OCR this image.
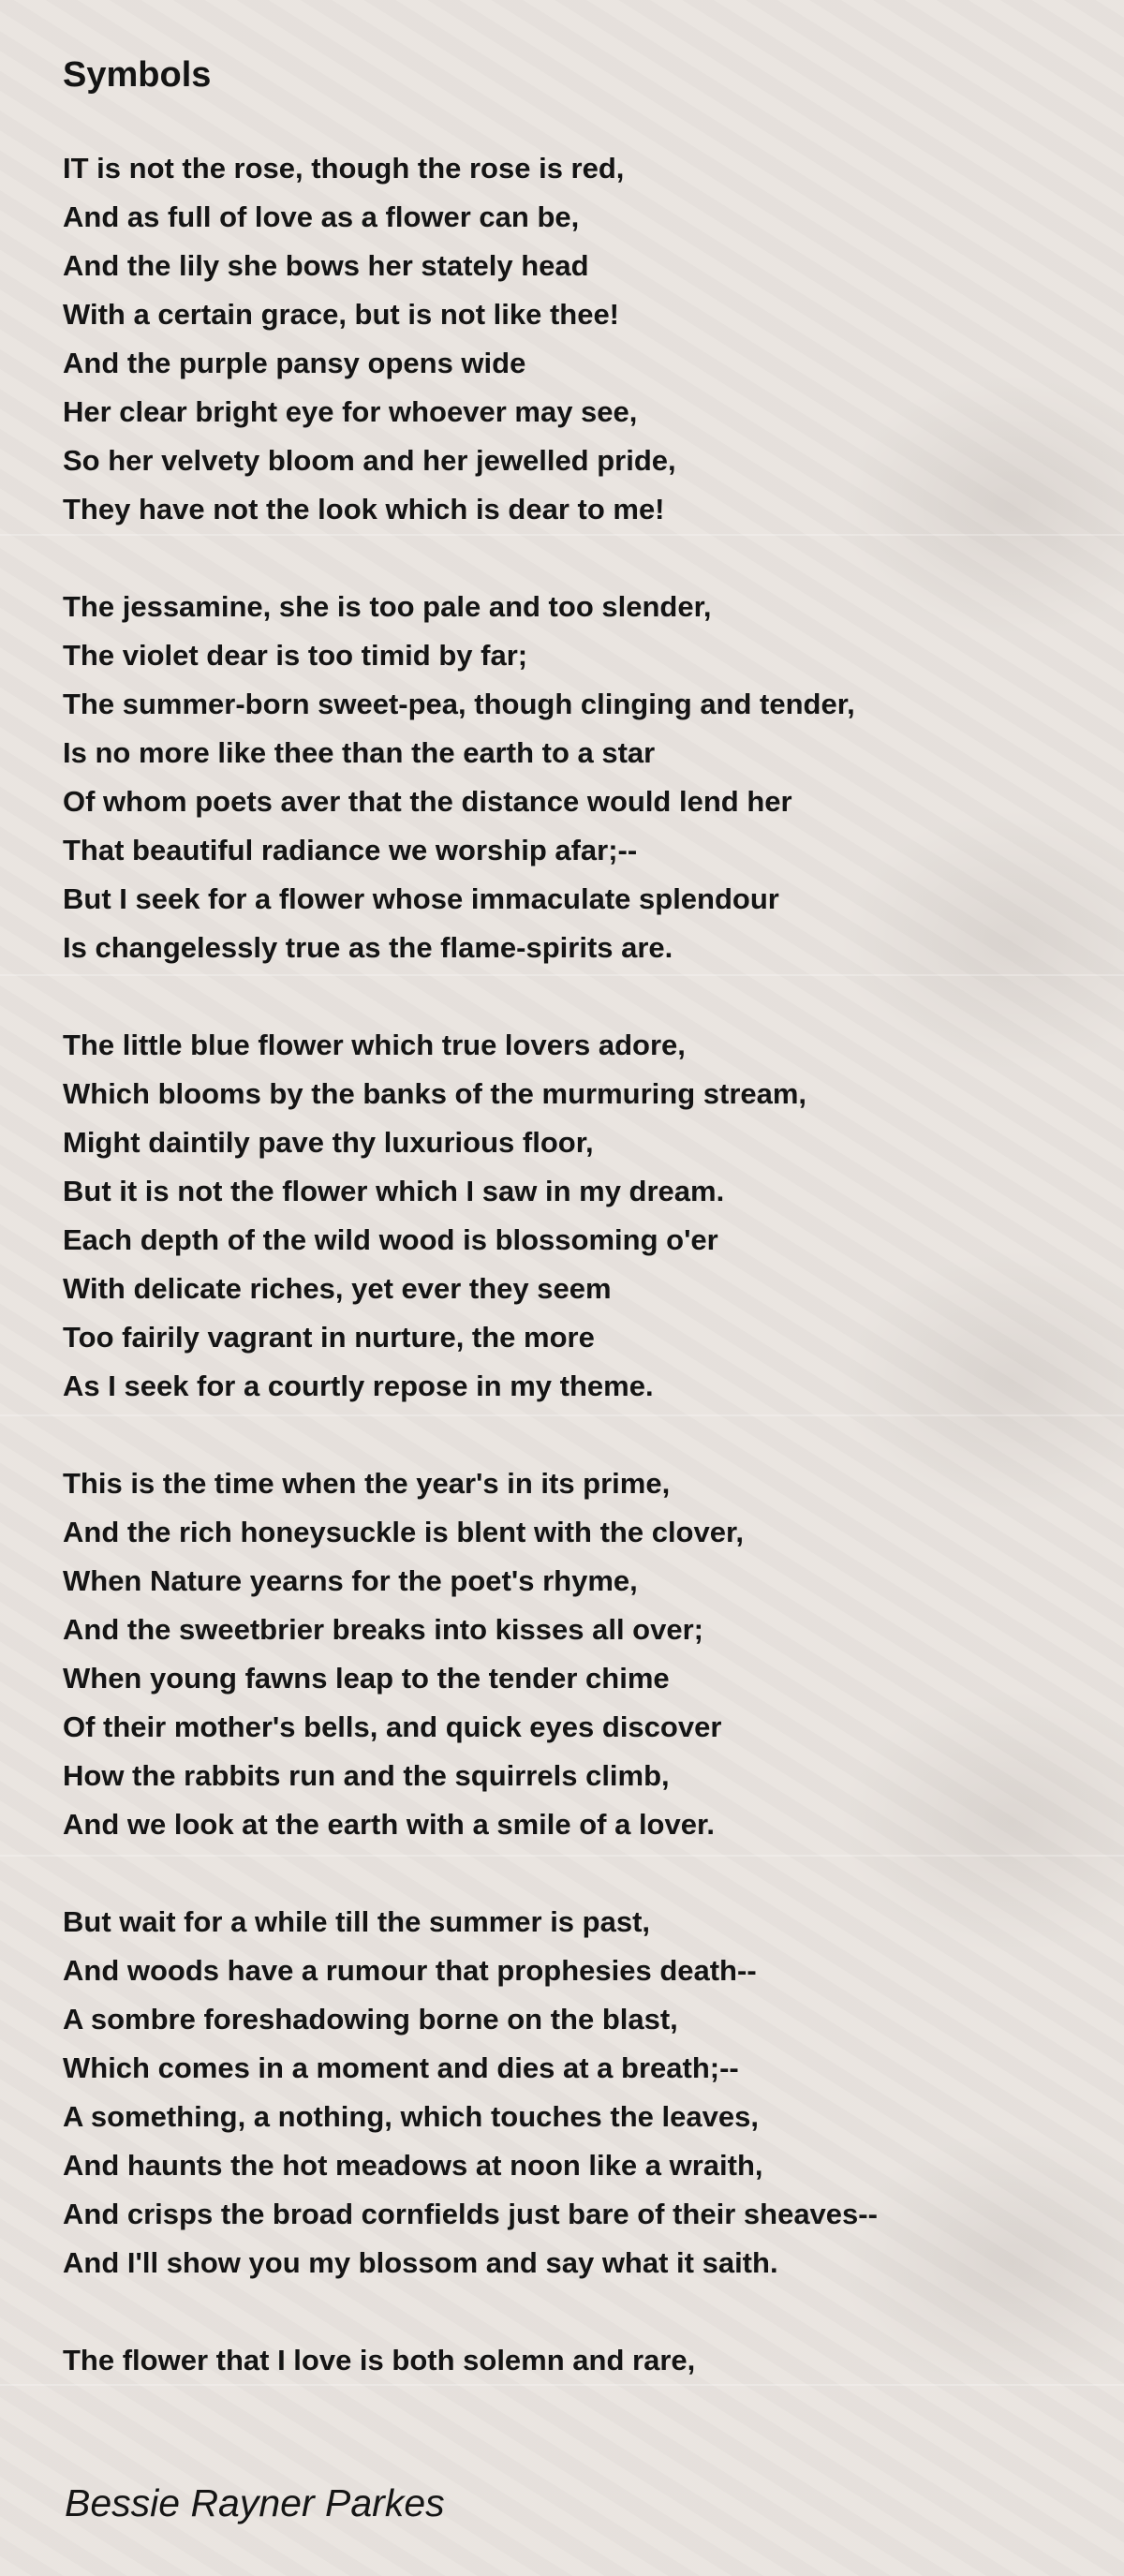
Symbols
IT is not the rose, though the rose is red,
And as full of love as a flower can be,
And the lily she bows her stately head
With a certain grace, but is not like thee!
And the purple pansy opens wide
Her clear bright eye for whoever may see,
So her velvety bloom and her jewelled pride,
They have not the look which is dear to me!
The jessamine, she is too pale and too slender,
The violet dear is too timid by far;
The summer-born sweet-pea, though clinging and tender,
Is no more like thee than the earth to a star
Of whom poets aver that the distance would lend her
That beautiful radiance we worship afar;--
But I seek for a flower whose immaculate splendour
Is changelessly true as the flame-spirits are.
The little blue flower which true lovers adore,
Which blooms by the banks of the murmuring stream,
Might daintily pave thy luxurious floor,
But it is not the flower which I saw in my dream.
Each depth of the wild wood is blossoming o'er
With delicate riches, yet ever they seem
Too fairily vagrant in nurture, the more
As I seek for a courtly repose in my theme.
This is the time when the year's in its prime,
And the rich honeysuckle is blent with the clover,
When Nature yearns for the poet's rhyme,
And the sweetbrier breaks into kisses all over;
When young fawns leap to the tender chime
Of their mother's bells, and quick eyes discover
How the rabbits run and the squirrels climb,
And we look at the earth with a smile of a lover.
But wait for a while till the summer is past,
And woods have a rumour that prophesies death--
A sombre foreshadowing borne on the blast,
Which comes in a moment and dies at a breath;--
A something, a nothing, which touches the leaves,
And haunts the hot meadows at noon like a wraith,
And crisps the broad cornfields just bare of their sheaves--
And I'll show you my blossom and say what it saith.
The flower that I love is both solemn and rare,
Bessie Rayner Parkes
